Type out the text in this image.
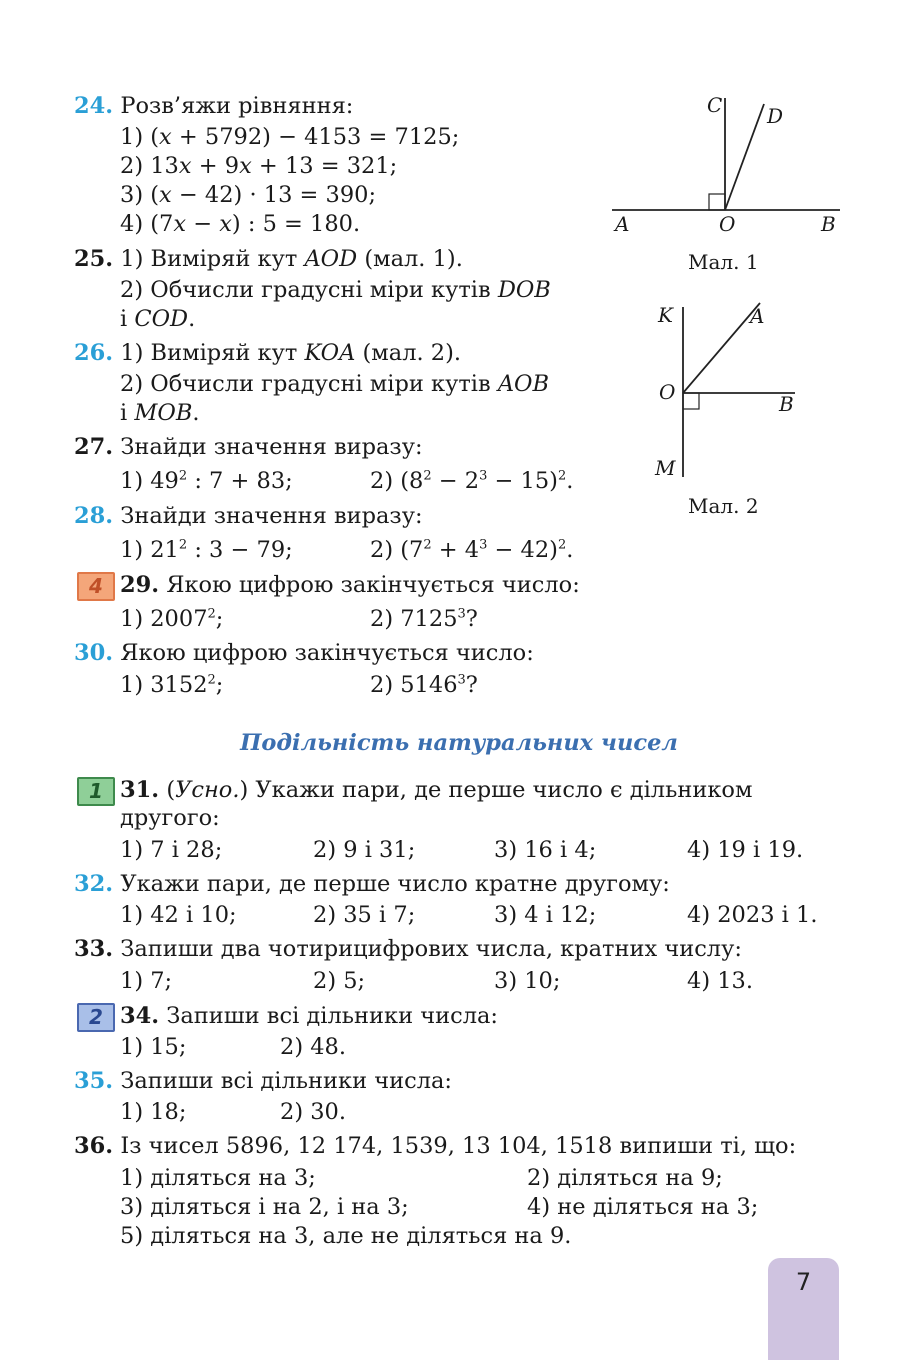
24. Розв’яжи рівняння:
1) (x + 5792) − 4153 = 7125;
2) 13x + 9x + 13 = 321;
3) (x − 42) · 13 = 390;
4) (7x − x) : 5 = 180.
25. 1) Виміряй кут AOD (мал. 1).
2) Обчисли градусні міри кутів DOB
і COD.
26. 1) Виміряй кут KOA (мал. 2).
2) Обчисли градусні міри кутів AOB
і MOB.
27. Знайди значення виразу:
1) $49^2$ : 7 + 83;	2) $(8^2 - 2^3 - 15)^2$.
28. Знайди значення виразу:
1) $21^2$ : 3 − 79;	2) $(7^2 + 4^3 - 42)^2$.
4 29. Якою цифрою закінчується число:
1) 2007$^2$;	2) 7125$^3$?
30. Якою цифрою закінчується число:
1) 3152$^2$;	2) 5146$^3$?
Подільність натуральних чисел
1 31. (Усно.) Укажи пари, де перше число є дільником
другого:
1) 7 і 28;	2) 9 і 31;	3) 16 і 4;	4) 19 і 19.
32. Укажи пари, де перше число кратне другому:
1) 42 і 10;	2) 35 і 7;	3) 4 і 12;	4) 2023 і 1.
33. Запиши два чотирицифрових числа, кратних числу:
1) 7;	2) 5;	3) 10;	4) 13.
2 34. Запиши всі дільники числа:
1) 15;	2) 48.
35. Запиши всі дільники числа:
1) 18;	2) 30.
36. Із чисел 5896, 12 174, 1539, 13 104, 1518 випиши ті, що:
1) діляться на 3;	2) діляться на 9;
3) діляться і на 2, і на 3;	4) не діляться на 3;
5) діляться на 3, але не діляться на 9.
C D
A	O	B
Мал. 1
K	A
O	B
M
Мал. 2
7
